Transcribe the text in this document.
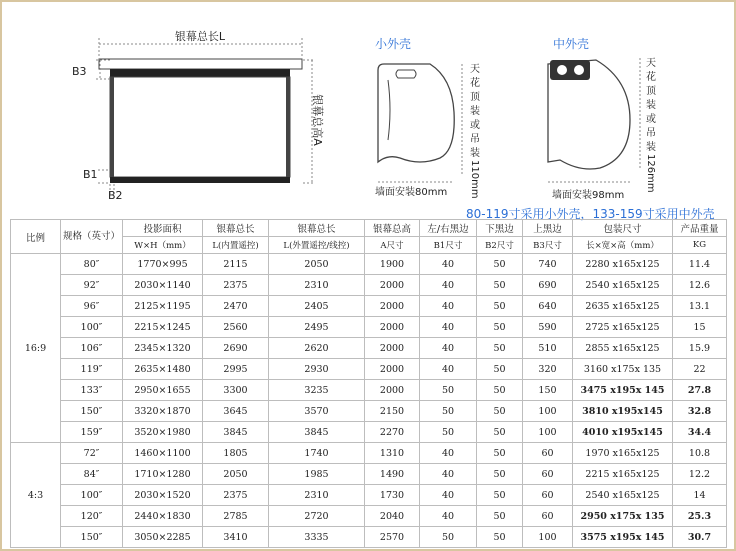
银幕总长L
B3
B1
B2
银幕总高A
小外壳
天
花
顶
装
或
吊
装
110mm
墙面安装80mm
中外壳
天
花
顶
装
或
吊
装
126mm
墙面安装98mm
80-119寸采用小外壳，133-159寸采用中外壳
比例	规格（英寸）	投影面积	银幕总长	银幕总长	银幕总高	左/右黑边	下黑边	上黑边	包装尺寸	产品重量
		W×H（mm）	L(内置遥控)	L(外置遥控/线控)	A尺寸	B1尺寸	B2尺寸	B3尺寸	长×宽×高（mm）	KG
16:9	80″	1770×995	2115	2050	1900	40	50	740	2280 x165x125	11.4
	92″	2030×1140	2375	2310	2000	40	50	690	2540 x165x125	12.6
	96″	2125×1195	2470	2405	2000	40	50	640	2635 x165x125	13.1
	100″	2215×1245	2560	2495	2000	40	50	590	2725 x165x125	15
	106″	2345×1320	2690	2620	2000	40	50	510	2855 x165x125	15.9
	119″	2635×1480	2995	2930	2000	40	50	320	3160 x175x 135	22
	133″	2950×1655	3300	3235	2000	50	50	150	3475 x195x 145	27.8
	150″	3320×1870	3645	3570	2150	50	50	100	3810 x195x145	32.8
	159″	3520×1980	3845	3845	2270	50	50	100	4010 x195x145	34.4
4:3	72″	1460×1100	1805	1740	1310	40	50	60	1970 x165x125	10.8
	84″	1710×1280	2050	1985	1490	40	50	60	2215 x165x125	12.2
	100″	2030×1520	2375	2310	1730	40	50	60	2540 x165x125	14
	120″	2440×1830	2785	2720	2040	40	50	60	2950 x175x 135	25.3
	150″	3050×2285	3410	3335	2570	50	50	100	3575 x195x 145	30.7
